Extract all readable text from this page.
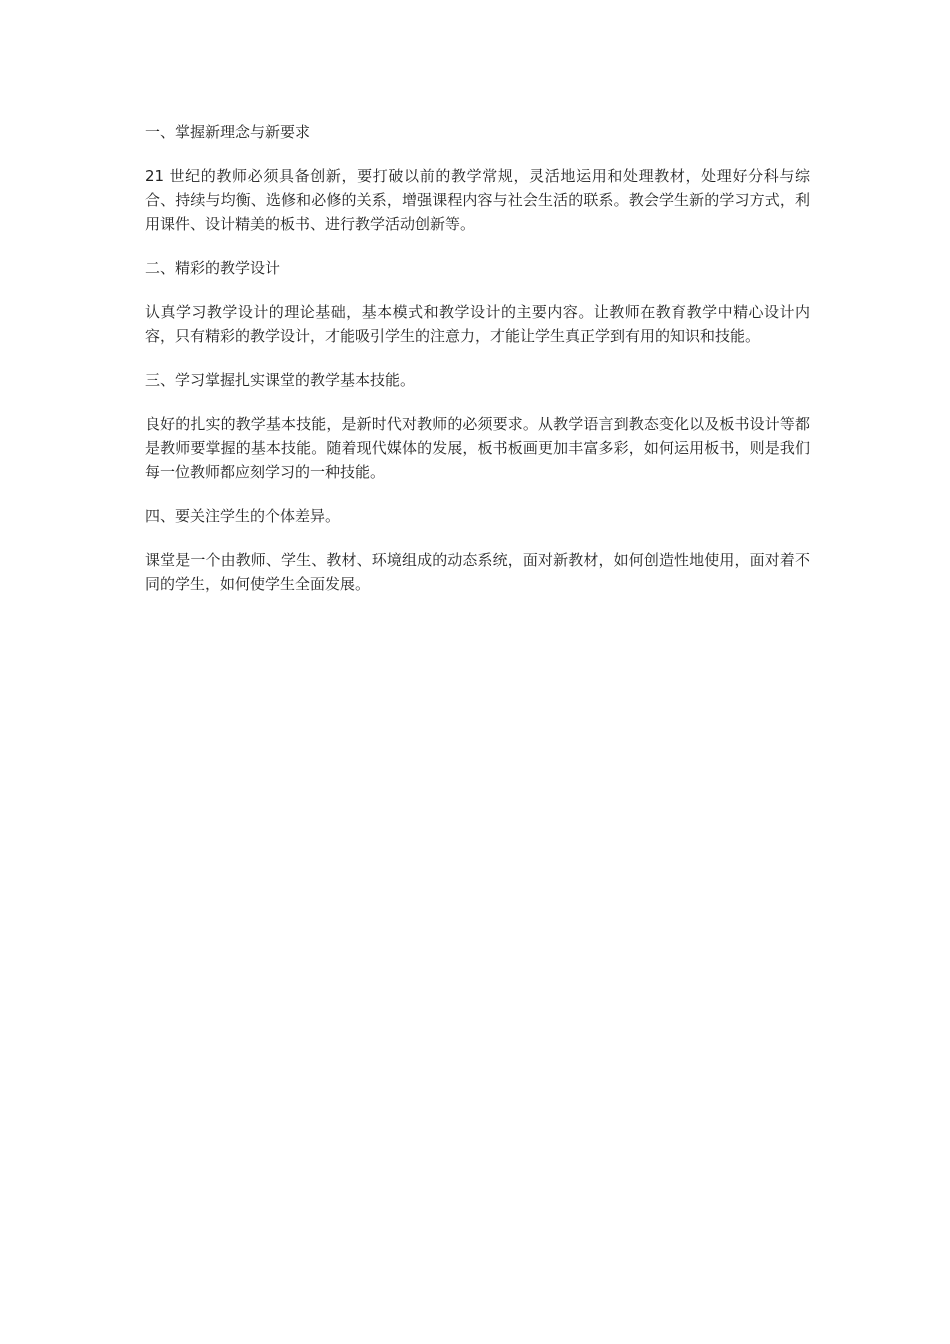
一、掌握新理念与新要求

21 世纪的教师必须具备创新，要打破以前的教学常规，灵活地运用和处理教材，处理好分科与综合、持续与均衡、选修和必修的关系，增强课程内容与社会生活的联系。教会学生新的学习方式，利用课件、设计精美的板书、进行教学活动创新等。

二、精彩的教学设计

认真学习教学设计的理论基础，基本模式和教学设计的主要内容。让教师在教育教学中精心设计内容，只有精彩的教学设计，才能吸引学生的注意力，才能让学生真正学到有用的知识和技能。

三、学习掌握扎实课堂的教学基本技能。

良好的扎实的教学基本技能，是新时代对教师的必须要求。从教学语言到教态变化以及板书设计等都是教师要掌握的基本技能。随着现代媒体的发展，板书板画更加丰富多彩，如何运用板书，则是我们每一位教师都应刻学习的一种技能。

四、要关注学生的个体差异。

课堂是一个由教师、学生、教材、环境组成的动态系统，面对新教材，如何创造性地使用，面对着不同的学生，如何使学生全面发展。
